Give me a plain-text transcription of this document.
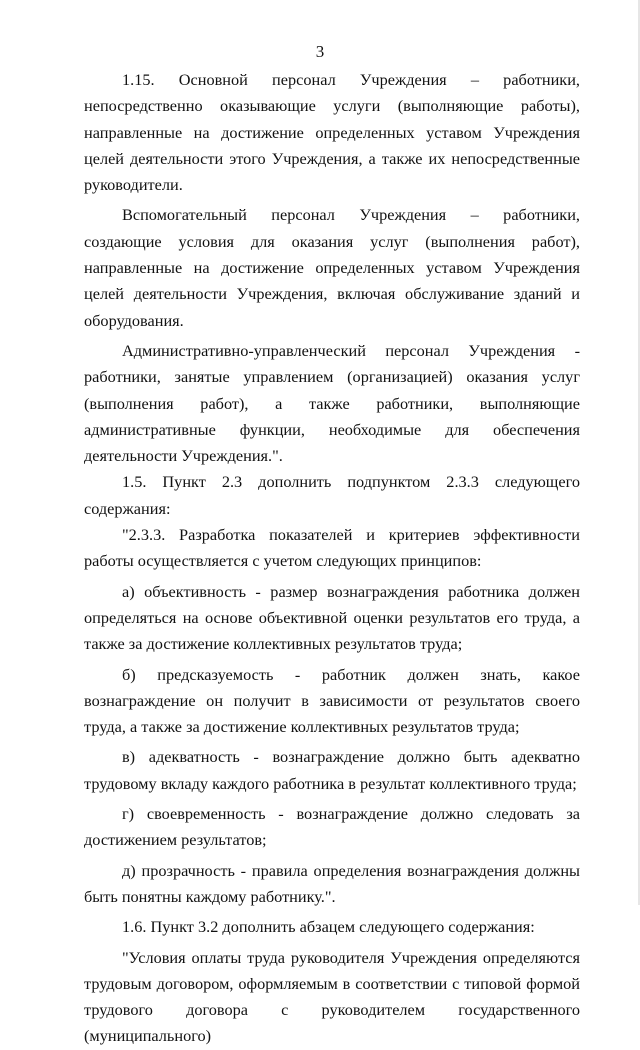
3

1.15. Основной персонал Учреждения – работники, непосредственно оказывающие услуги (выполняющие работы), направленные на достижение определенных уставом Учреждения целей деятельности этого Учреждения, а также их непосредственные руководители.

Вспомогательный персонал Учреждения – работники, создающие условия для оказания услуг (выполнения работ), направленные на достижение определенных уставом Учреждения целей деятельности Учреждения, включая обслуживание зданий и оборудования.

Административно-управленческий персонал Учреждения - работники, занятые управлением (организацией) оказания услуг (выполнения работ), а также работники, выполняющие административные функции, необходимые для обеспечения деятельности Учреждения.".

1.5. Пункт 2.3 дополнить подпунктом 2.3.3 следующего содержания:

"2.3.3. Разработка показателей и критериев эффективности работы осуществляется с учетом следующих принципов:

а) объективность - размер вознаграждения работника должен определяться на основе объективной оценки результатов его труда, а также за достижение коллективных результатов труда;

б) предсказуемость - работник должен знать, какое вознаграждение он получит в зависимости от результатов своего труда, а также за достижение коллективных результатов труда;

в) адекватность - вознаграждение должно быть адекватно трудовому вкладу каждого работника в результат коллективного труда;

г) своевременность - вознаграждение должно следовать за достижением результатов;

д) прозрачность - правила определения вознаграждения должны быть понятны каждому работнику.".

1.6. Пункт 3.2 дополнить абзацем следующего содержания:

"Условия оплаты труда руководителя Учреждения определяются трудовым договором, оформляемым в соответствии с типовой формой трудового договора с руководителем государственного (муниципального)
